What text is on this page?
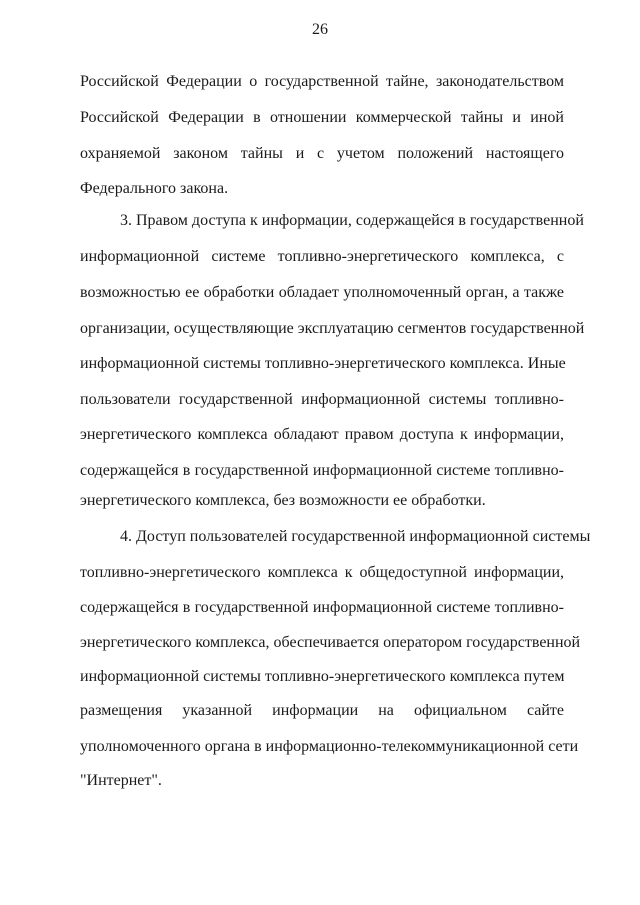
26
Российской Федерации о государственной тайне, законодательством
Российской Федерации в отношении коммерческой тайны и иной
охраняемой законом тайны и с учетом положений настоящего
Федерального закона.
3. Правом доступа к информации, содержащейся в государственной
информационной системе топливно-энергетического комплекса, с
возможностью ее обработки обладает уполномоченный орган, а также
организации, осуществляющие эксплуатацию сегментов государственной
информационной системы топливно-энергетического комплекса. Иные
пользователи государственной информационной системы топливно-
энергетического комплекса обладают правом доступа к информации,
содержащейся в государственной информационной системе топливно-
энергетического комплекса, без возможности ее обработки.
4. Доступ пользователей государственной информационной системы
топливно-энергетического комплекса к общедоступной информации,
содержащейся в государственной информационной системе топливно-
энергетического комплекса, обеспечивается оператором государственной
информационной системы топливно-энергетического комплекса путем
размещения указанной информации на официальном сайте
уполномоченного органа в информационно-телекоммуникационной сети
"Интернет".
